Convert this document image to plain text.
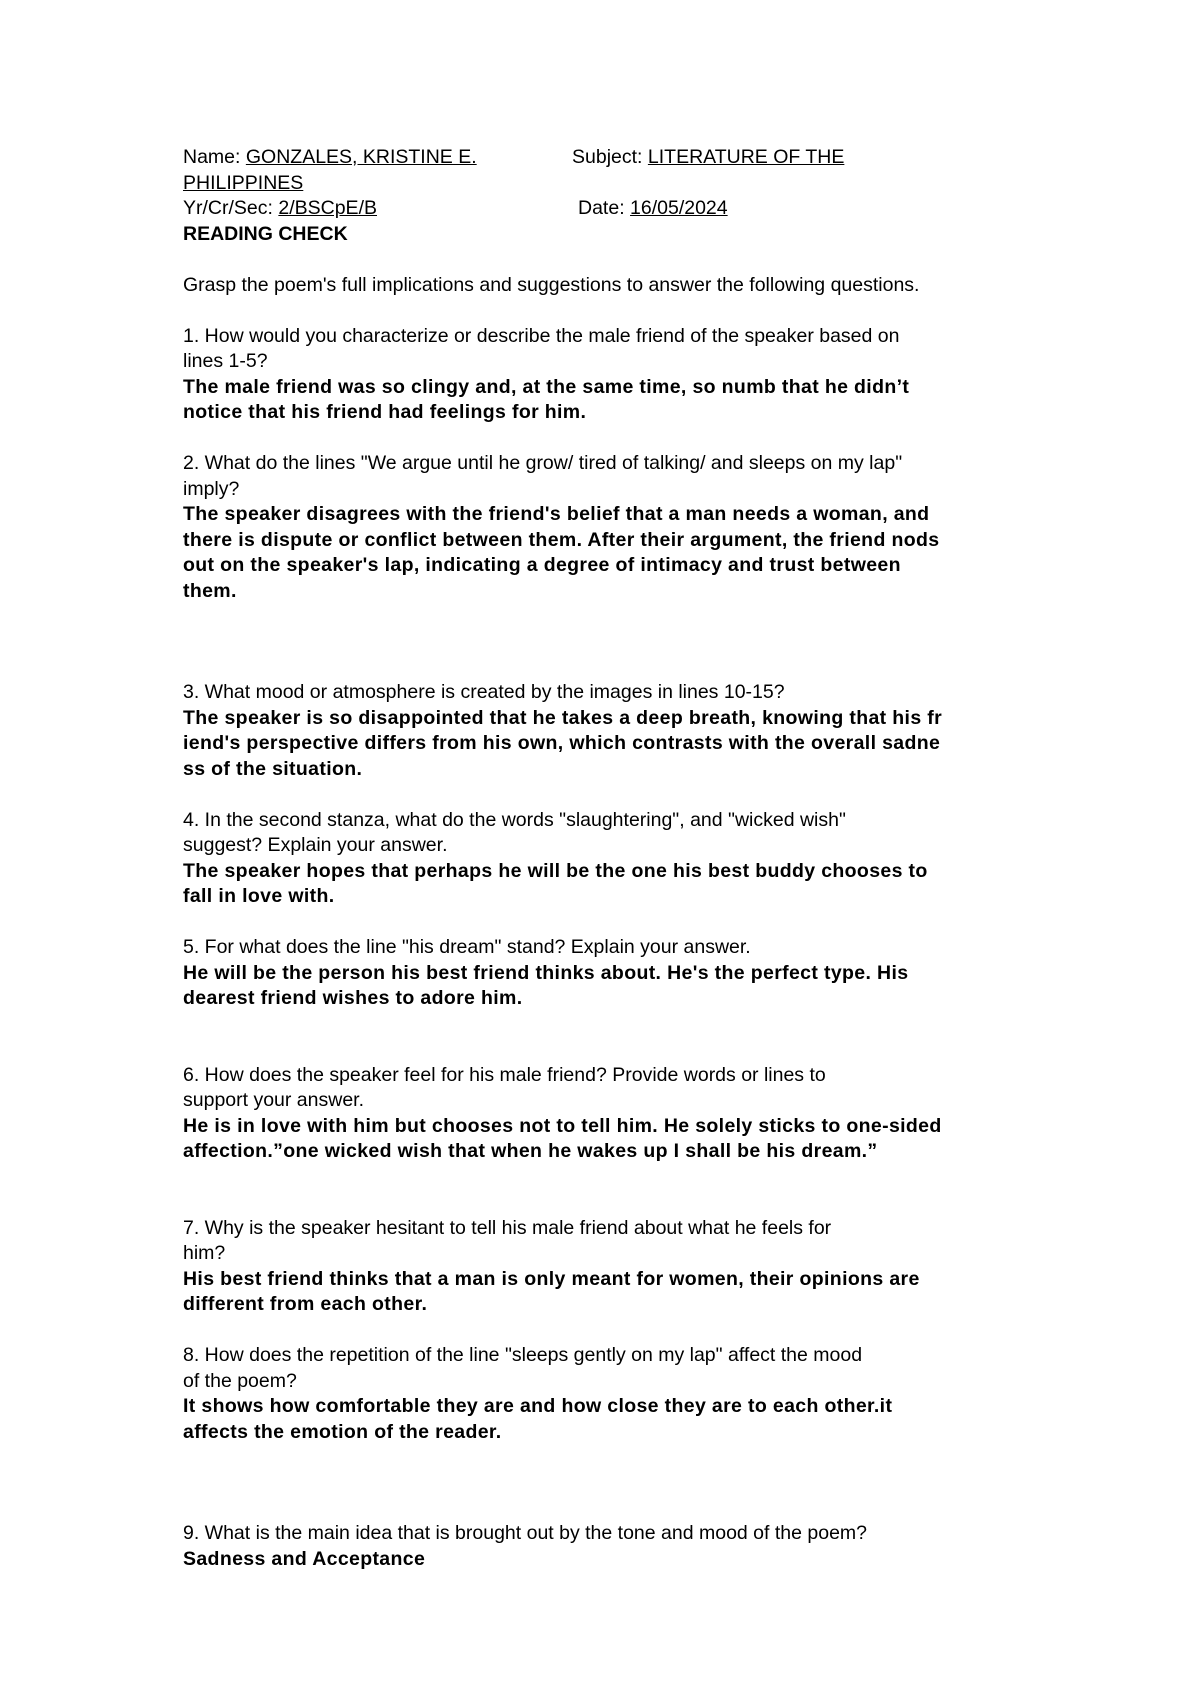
Name: GONZALES, KRISTINE E.	Subject: LITERATURE OF THE
PHILIPPINES
Yr/Cr/Sec: 2/BSCpE/B	Date: 16/05/2024
READING CHECK
Grasp the poem's full implications and suggestions to answer the following questions.
1. How would you characterize or describe the male friend of the speaker based on
lines 1-5?
The male friend was so clingy and, at the same time, so numb that he didn’t
notice that his friend had feelings for him.
2. What do the lines "We argue until he grow/ tired of talking/ and sleeps on my lap"
imply?
The speaker disagrees with the friend's belief that a man needs a woman, and
there is dispute or conflict between them. After their argument, the friend nods
out on the speaker's lap, indicating a degree of intimacy and trust between
them.
3. What mood or atmosphere is created by the images in lines 10-15?
The speaker is so disappointed that he takes a deep breath, knowing that his fr
iend's perspective differs from his own, which contrasts with the overall sadne
ss of the situation.
4. In the second stanza, what do the words "slaughtering", and "wicked wish"
suggest? Explain your answer.
The speaker hopes that perhaps he will be the one his best buddy chooses to
fall in love with.
5. For what does the line "his dream" stand? Explain your answer.
He will be the person his best friend thinks about. He's the perfect type. His
dearest friend wishes to adore him.
6. How does the speaker feel for his male friend? Provide words or lines to
support your answer.
He is in love with him but chooses not to tell him. He solely sticks to one-sided
affection.”one wicked wish that when he wakes up I shall be his dream.”
7. Why is the speaker hesitant to tell his male friend about what he feels for
him?
His best friend thinks that a man is only meant for women, their opinions are
different from each other.
8. How does the repetition of the line "sleeps gently on my lap" affect the mood
of the poem?
It shows how comfortable they are and how close they are to each other.it
affects the emotion of the reader.
9. What is the main idea that is brought out by the tone and mood of the poem?
Sadness and Acceptance
